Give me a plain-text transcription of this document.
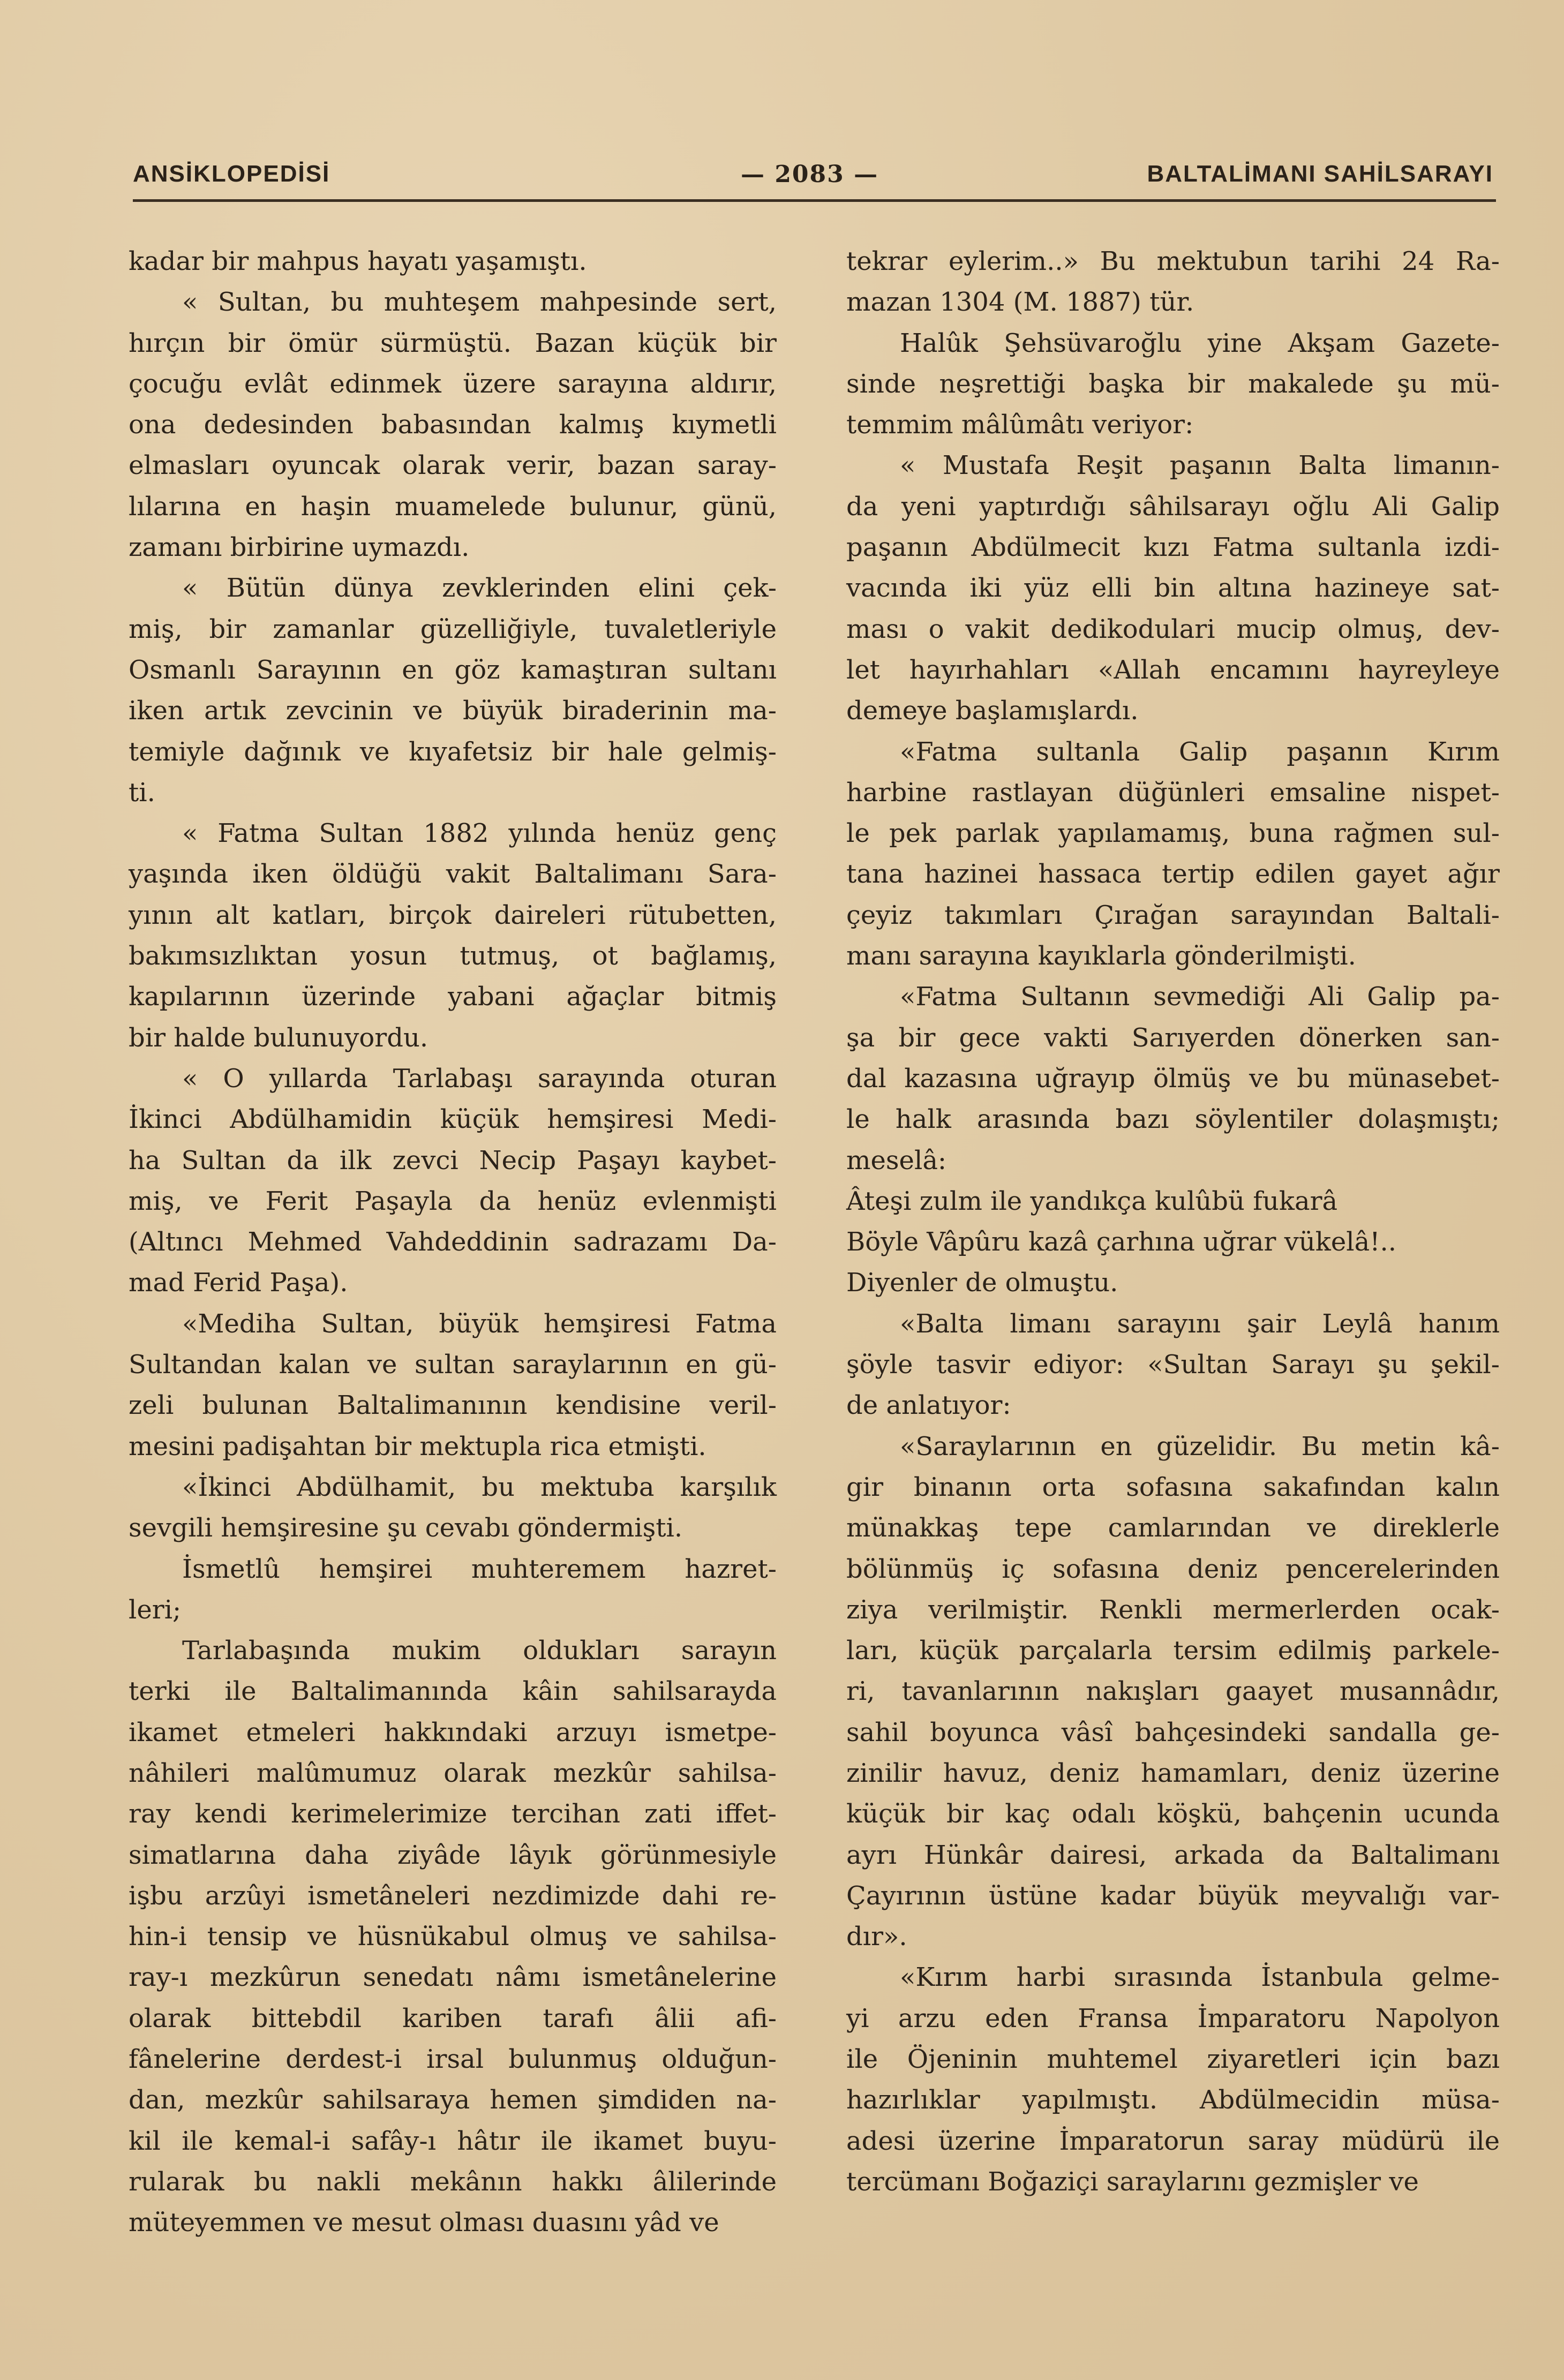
ANSİKLOPEDİSİ	— 2083 —	BALTALİMANI SAHİLSARAYI
kadar bir mahpus hayatı yaşamıştı.
« Sultan, bu muhteşem mahpesinde sert,
hırçın bir ömür sürmüştü. Bazan küçük bir
çocuğu evlât edinmek üzere sarayına aldırır,
ona dedesinden babasından kalmış kıymetli
elmasları oyuncak olarak verir, bazan saray-
lılarına en haşin muamelede bulunur, günü,
zamanı birbirine uymazdı.
« Bütün dünya zevklerinden elini çek-
miş, bir zamanlar güzelliğiyle, tuvaletleriyle
Osmanlı Sarayının en göz kamaştıran sultanı
iken artık zevcinin ve büyük biraderinin ma-
temiyle dağınık ve kıyafetsiz bir hale gelmiş-
ti.
« Fatma Sultan 1882 yılında henüz genç
yaşında iken öldüğü vakit Baltalimanı Sara-
yının alt katları, birçok daireleri rütubetten,
bakımsızlıktan yosun tutmuş, ot bağlamış,
kapılarının üzerinde yabani ağaçlar bitmiş
bir halde bulunuyordu.
« O yıllarda Tarlabaşı sarayında oturan
İkinci Abdülhamidin küçük hemşiresi Medi-
ha Sultan da ilk zevci Necip Paşayı kaybet-
miş, ve Ferit Paşayla da henüz evlenmişti
(Altıncı Mehmed Vahdeddinin sadrazamı Da-
mad Ferid Paşa).
«Mediha Sultan, büyük hemşiresi Fatma
Sultandan kalan ve sultan saraylarının en gü-
zeli bulunan Baltalimanının kendisine veril-
mesini padişahtan bir mektupla rica etmişti.
«İkinci Abdülhamit, bu mektuba karşılık
sevgili hemşiresine şu cevabı göndermişti.
İsmetlû hemşirei muhteremem hazret-
leri;
Tarlabaşında mukim oldukları sarayın
terki ile Baltalimanında kâin sahilsarayda
ikamet etmeleri hakkındaki arzuyı ismetpe-
nâhileri malûmumuz olarak mezkûr sahilsa-
ray kendi kerimelerimize tercihan zati iffet-
simatlarına daha ziyâde lâyık görünmesiyle
işbu arzûyi ismetâneleri nezdimizde dahi re-
hin-i tensip ve hüsnükabul olmuş ve sahilsa-
ray-ı mezkûrun senedatı nâmı ismetânelerine
olarak bittebdil kariben tarafı âlii afi-
fânelerine derdest-i irsal bulunmuş olduğun-
dan, mezkûr sahilsaraya hemen şimdiden na-
kil ile kemal-i safây-ı hâtır ile ikamet buyu-
rularak bu nakli mekânın hakkı âlilerinde
müteyemmen ve mesut olması duasını yâd ve
tekrar eylerim..» Bu mektubun tarihi 24 Ra-
mazan 1304 (M. 1887) tür.
Halûk Şehsüvaroğlu yine Akşam Gazete-
sinde neşrettiği başka bir makalede şu mü-
temmim mâlûmâtı veriyor:
« Mustafa Reşit paşanın Balta limanın-
da yeni yaptırdığı sâhilsarayı oğlu Ali Galip
paşanın Abdülmecit kızı Fatma sultanla izdi-
vacında iki yüz elli bin altına hazineye sat-
ması o vakit dedikodulari mucip olmuş, dev-
let hayırhahları «Allah encamını hayreyleye
demeye başlamışlardı.
«Fatma sultanla Galip paşanın Kırım
harbine rastlayan düğünleri emsaline nispet-
le pek parlak yapılamamış, buna rağmen sul-
tana hazinei hassaca tertip edilen gayet ağır
çeyiz takımları Çırağan sarayından Baltali-
manı sarayına kayıklarla gönderilmişti.
«Fatma Sultanın sevmediği Ali Galip pa-
şa bir gece vakti Sarıyerden dönerken san-
dal kazasına uğrayıp ölmüş ve bu münasebet-
le halk arasında bazı söylentiler dolaşmıştı;
meselâ:
Âteşi zulm ile yandıkça kulûbü fukarâ
Böyle Vâpûru kazâ çarhına uğrar vükelâ!..
Diyenler de olmuştu.
«Balta limanı sarayını şair Leylâ hanım
şöyle tasvir ediyor: «Sultan Sarayı şu şekil-
de anlatıyor:
«Saraylarının en güzelidir. Bu metin kâ-
gir binanın orta sofasına sakafından kalın
münakkaş tepe camlarından ve direklerle
bölünmüş iç sofasına deniz pencerelerinden
ziya verilmiştir. Renkli mermerlerden ocak-
ları, küçük parçalarla tersim edilmiş parkele-
ri, tavanlarının nakışları gaayet musannâdır,
sahil boyunca vâsî bahçesindeki sandalla ge-
zinilir havuz, deniz hamamları, deniz üzerine
küçük bir kaç odalı köşkü, bahçenin ucunda
ayrı Hünkâr dairesi, arkada da Baltalimanı
Çayırının üstüne kadar büyük meyvalığı var-
dır».
«Kırım harbi sırasında İstanbula gelme-
yi arzu eden Fransa İmparatoru Napolyon
ile Öjeninin muhtemel ziyaretleri için bazı
hazırlıklar yapılmıştı. Abdülmecidin müsa-
adesi üzerine İmparatorun saray müdürü ile
tercümanı Boğaziçi saraylarını gezmişler ve
